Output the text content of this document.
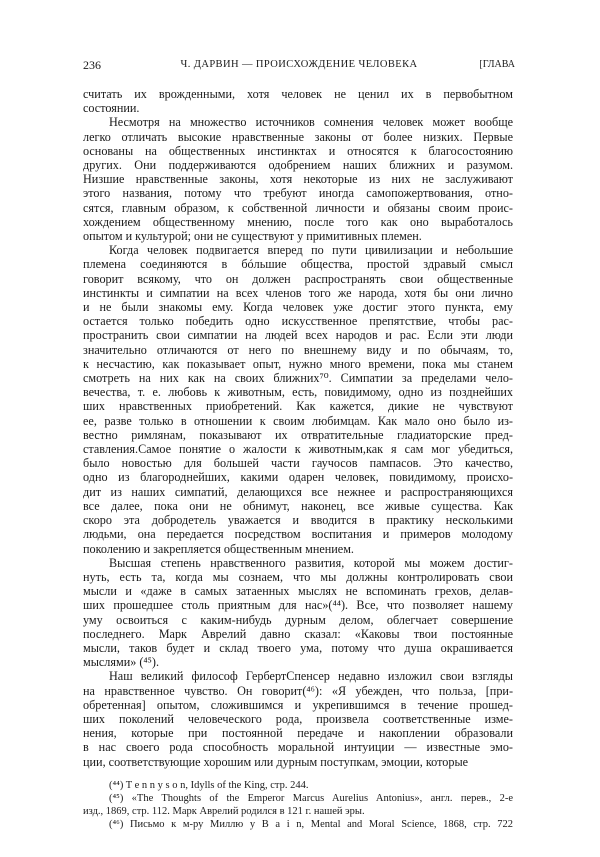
236	Ч. ДАРВИН — ПРОИСХОЖДЕНИЕ ЧЕЛОВЕКА	[ГЛАВА
считать их врожденными, хотя человек не ценил их в первобытном
состоянии.
Несмотря на множество источников сомнения человек может вообще
легко отличать высокие нравственные законы от более низких. Первые
основаны на общественных инстинктах и относятся к благосостоянию
других. Они поддерживаются одобрением наших ближних и разумом.
Низшие нравственные законы, хотя некоторые из них не заслуживают
этого названия, потому что требуют иногда самопожертвования, отно-
сятся, главным образом, к собственной личности и обязаны своим проис-
хождением общественному мнению, после того как оно выработалось
опытом и культурой; они не существуют у примитивных племен.
Когда человек подвигается вперед по пути цивилизации и небольшие
племена соединяются в бóльшие общества, простой здравый смысл
говорит всякому, что он должен распространять свои общественные
инстинкты и симпатии на всех членов того же народа, хотя бы они лично
и не были знакомы ему. Когда человек уже достиг этого пункта, ему
остается только победить одно искусственное препятствие, чтобы рас-
пространить свои симпатии на людей всех народов и рас. Если эти люди
значительно отличаются от него по внешнему виду и по обычаям, то,
к несчастию, как показывает опыт, нужно много времени, пока мы станем
смотреть на них как на своих ближних⁷⁰. Симпатии за пределами чело-
вечества, т. е. любовь к животным, есть, повидимому, одно из позднейших
ших нравственных приобретений. Как кажется, дикие не чувствуют
ее, разве только в отношении к своим любимцам. Как мало оно было из-
вестно римлянам, показывают их отвратительные гладиаторские пред-
ставления.Самое понятие о жалости к животным,как я сам мог убедиться,
было новостью для большей части гаучосов пампасов. Это качество,
одно из благороднейших, какими одарен человек, повидимому, происхо-
дит из наших симпатий, делающихся все нежнее и распространяющихся
все далее, пока они не обнимут, наконец, все живые существа. Как
скоро эта добродетель уважается и вводится в практику несколькими
людьми, она передается посредством воспитания и примеров молодому
поколению и закрепляется общественным мнением.
Высшая степень нравственного развития, которой мы можем достиг-
нуть, есть та, когда мы сознаем, что мы должны контролировать свои
мысли и «даже в самых затаенных мыслях не вспоминать грехов, делав-
ших прошедшее столь приятным для нас»(⁴⁴). Все, что позволяет нашему
уму освоиться с каким-нибудь дурным делом, облегчает совершение
последнего. Марк Аврелий давно сказал: «Каковы твои постоянные
мысли, таков будет и склад твоего ума, потому что душа окрашивается
мыслями» (⁴⁵).
Наш великий философ ГербертСпенсер недавно изложил свои взгляды
на нравственное чувство. Он говорит(⁴⁶): «Я убежден, что польза, [при-
обретенная] опытом, сложившимся и укрепившимся в течение прошед-
ших поколений человеческого рода, произвела соответственные изме-
нения, которые при постоянной передаче и накоплении образовали
в нас своего рода способность моральной интуиции — известные эмо-
ции, соответствующие хорошим или дурным поступкам, эмоции, которые
(⁴⁴) T e n n y s o n, Idylls of the King, стр. 244.
(⁴⁵) «The Thoughts of the Emperor Marcus Aurelius Antonius», англ. перев., 2-е
изд., 1869, стр. 112. Марк Аврелий родился в 121 г. нашей эры.
(⁴⁶) Письмо к м-ру Миллю у B a i n, Mental and Moral Science, 1868, стр. 722
